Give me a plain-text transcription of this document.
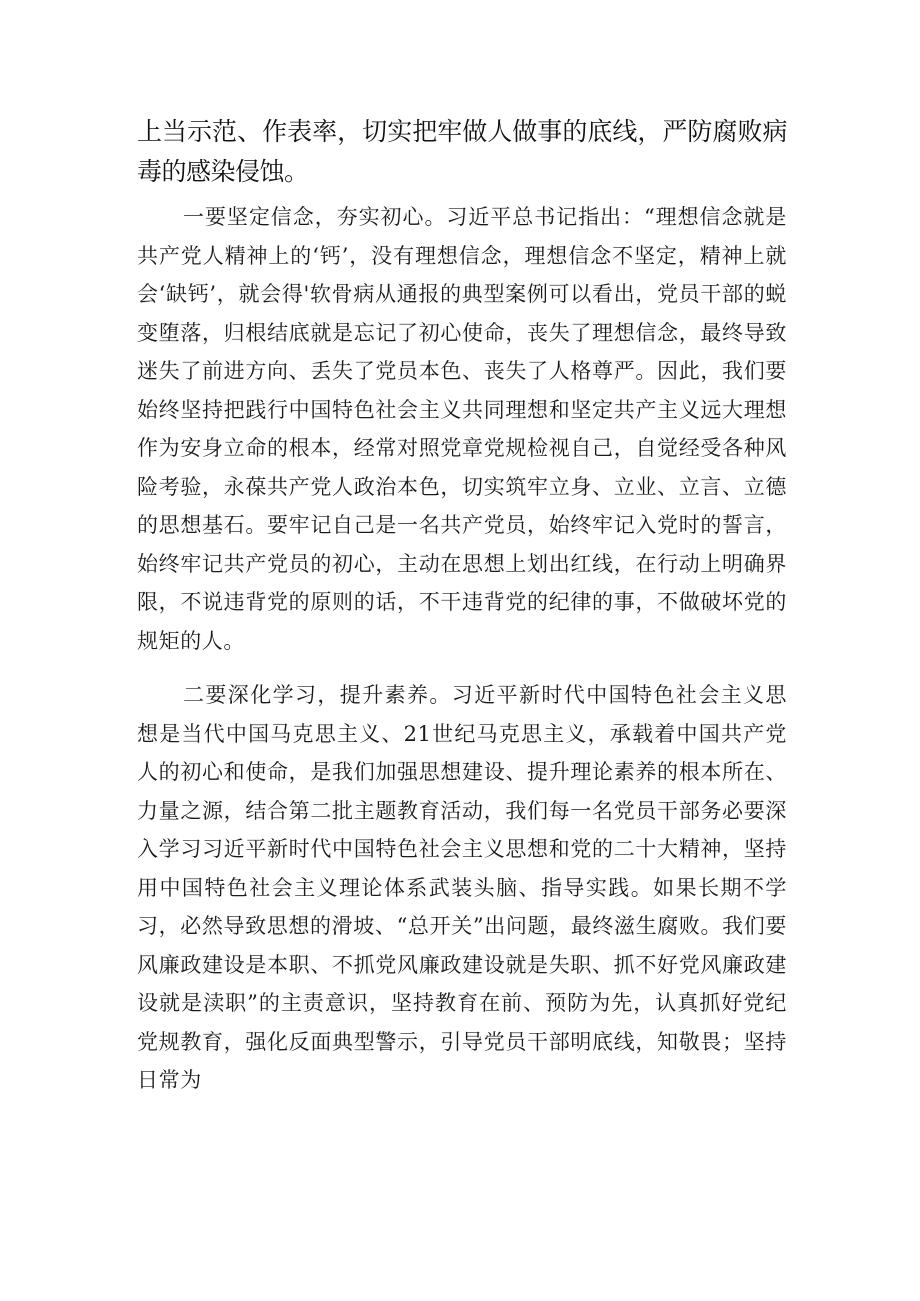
上当示范、作表率，切实把牢做人做事的底线，严防腐败病毒的感染侵蚀。

一要坚定信念，夯实初心。习近平总书记指出：“理想信念就是共产党人精神上的‘钙’，没有理想信念，理想信念不坚定，精神上就会‘缺钙’，就会得'软骨病从通报的典型案例可以看出，党员干部的蜕变堕落，归根结底就是忘记了初心使命，丧失了理想信念，最终导致迷失了前进方向、丢失了党员本色、丧失了人格尊严。因此，我们要始终坚持把践行中国特色社会主义共同理想和坚定共产主义远大理想作为安身立命的根本，经常对照党章党规检视自己，自觉经受各种风险考验，永葆共产党人政治本色，切实筑牢立身、立业、立言、立德的思想基石。要牢记自己是一名共产党员，始终牢记入党时的誓言，始终牢记共产党员的初心，主动在思想上划出红线，在行动上明确界限，不说违背党的原则的话，不干违背党的纪律的事，不做破坏党的规矩的人。

二要深化学习，提升素养。习近平新时代中国特色社会主义思想是当代中国马克思主义、21世纪马克思主义，承载着中国共产党人的初心和使命，是我们加强思想建设、提升理论素养的根本所在、力量之源，结合第二批主题教育活动，我们每一名党员干部务必要深入学习习近平新时代中国特色社会主义思想和党的二十大精神，坚持用中国特色社会主义理论体系武装头脑、指导实践。如果长期不学习，必然导致思想的滑坡、“总开关”出问题，最终滋生腐败。我们要风廉政建设是本职、不抓党风廉政建设就是失职、抓不好党风廉政建设就是渎职”的主责意识，坚持教育在前、预防为先，认真抓好党纪党规教育，强化反面典型警示，引导党员干部明底线，知敬畏；坚持日常为
